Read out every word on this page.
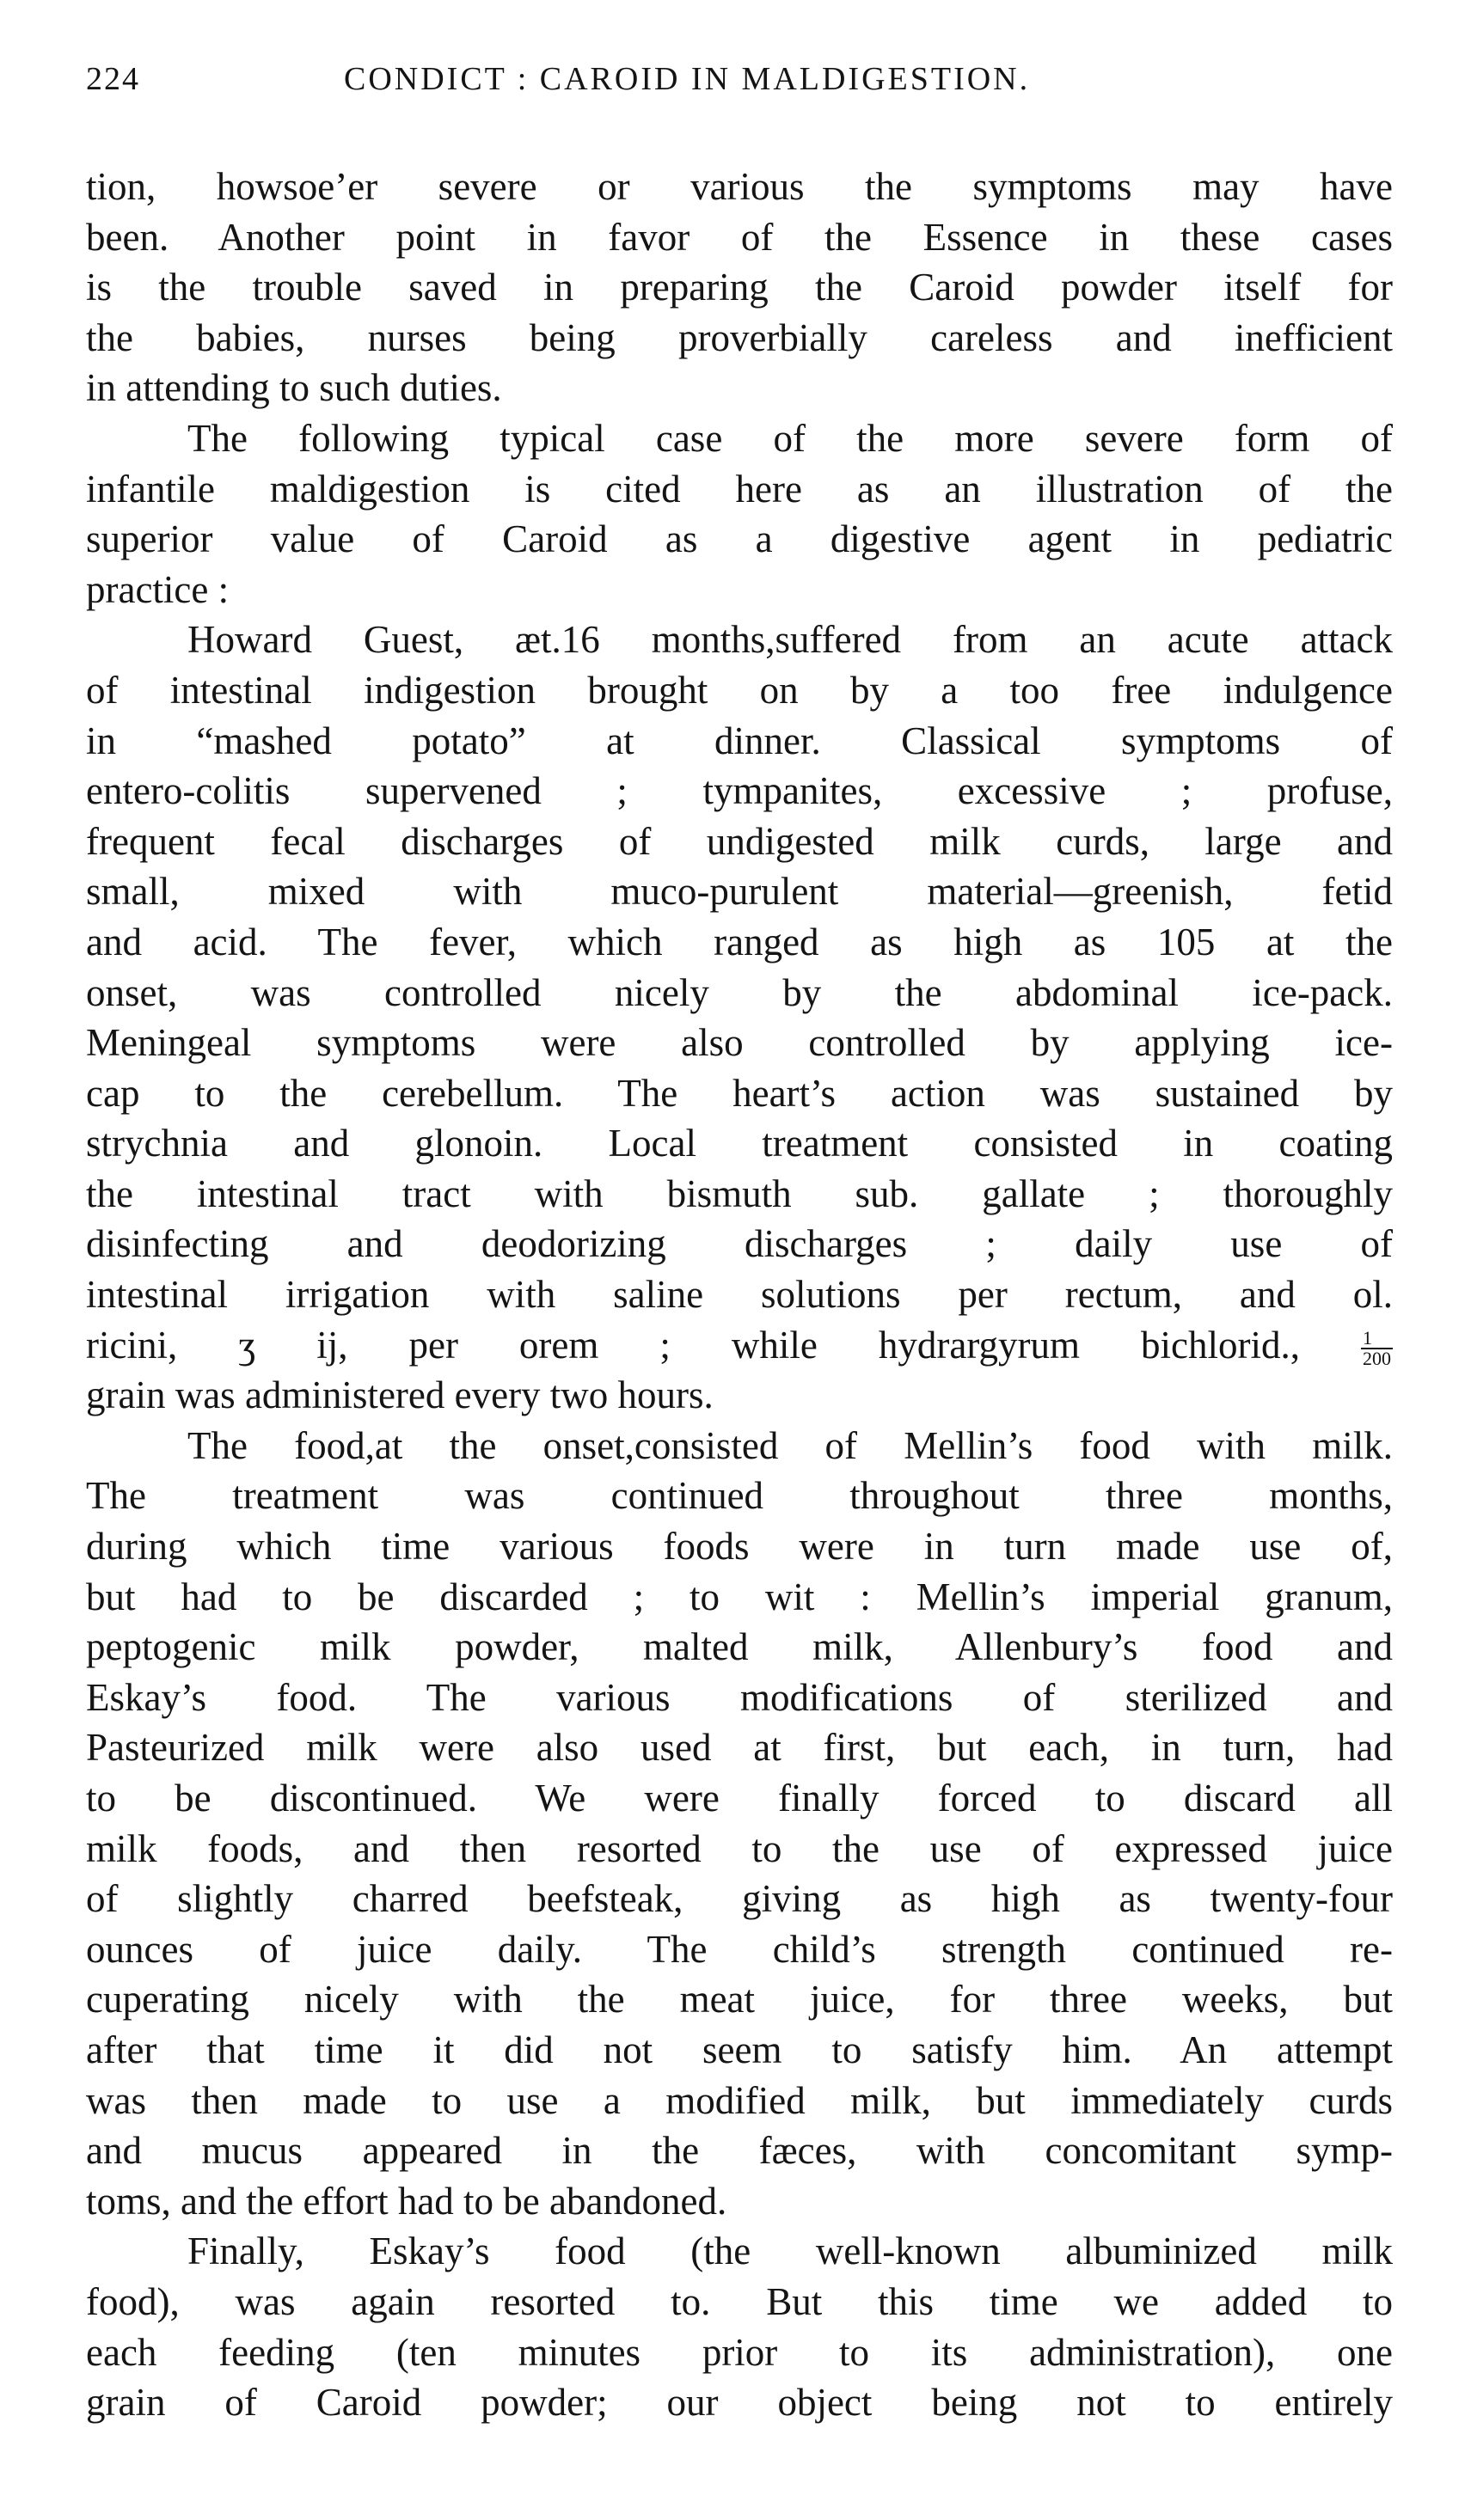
224	CONDICT : CAROID IN MALDIGESTION.
tion, howsoe’er severe or various the symptoms may have
been. Another point in favor of the Essence in these cases
is the trouble saved in preparing the Caroid powder itself for
the babies, nurses being proverbially careless and inefficient
in attending to such duties.
The following typical case of the more severe form of
infantile maldigestion is cited here as an illustration of the
superior value of Caroid as a digestive agent in pediatric
practice :
Howard Guest, æt.16 months,suffered from an acute attack
of intestinal indigestion brought on by a too free indulgence
in “mashed potato” at dinner. Classical symptoms of
entero-colitis supervened ; tympanites, excessive ; profuse,
frequent fecal discharges of undigested milk curds, large and
small, mixed with muco-purulent material—greenish, fetid
and acid. The fever, which ranged as high as 105 at the
onset, was controlled nicely by the abdominal ice-pack.
Meningeal symptoms were also controlled by applying ice-
cap to the cerebellum. The heart’s action was sustained by
strychnia and glonoin. Local treatment consisted in coating
the intestinal tract with bismuth sub. gallate ; thoroughly
disinfecting and deodorizing discharges ; daily use of
intestinal irrigation with saline solutions per rectum, and ol.
ricini, ʒ ij, per orem ; while hydrargyrum bichlorid.,	$\frac{1}{200}$
grain was administered every two hours.
The food,at the onset,consisted of Mellin’s food with milk.
The treatment was continued throughout three months,
during which time various foods were in turn made use of,
but had to be discarded ; to wit : Mellin’s imperial granum,
peptogenic milk powder, malted milk, Allenbury’s food and
Eskay’s food. The various modifications of sterilized and
Pasteurized milk were also used at first, but each, in turn, had
to be discontinued. We were finally forced to discard all
milk foods, and then resorted to the use of expressed juice
of slightly charred beefsteak, giving as high as twenty-four
ounces of juice daily. The child’s strength continued re-
cuperating nicely with the meat juice, for three weeks, but
after that time it did not seem to satisfy him. An attempt
was then made to use a modified milk, but immediately curds
and mucus appeared in the fæces, with concomitant symp-
toms, and the effort had to be abandoned.
Finally, Eskay’s food (the well-known albuminized milk
food), was again resorted to. But this time we added to
each feeding (ten minutes prior to its administration), one
grain of Caroid powder; our object being not to entirely
